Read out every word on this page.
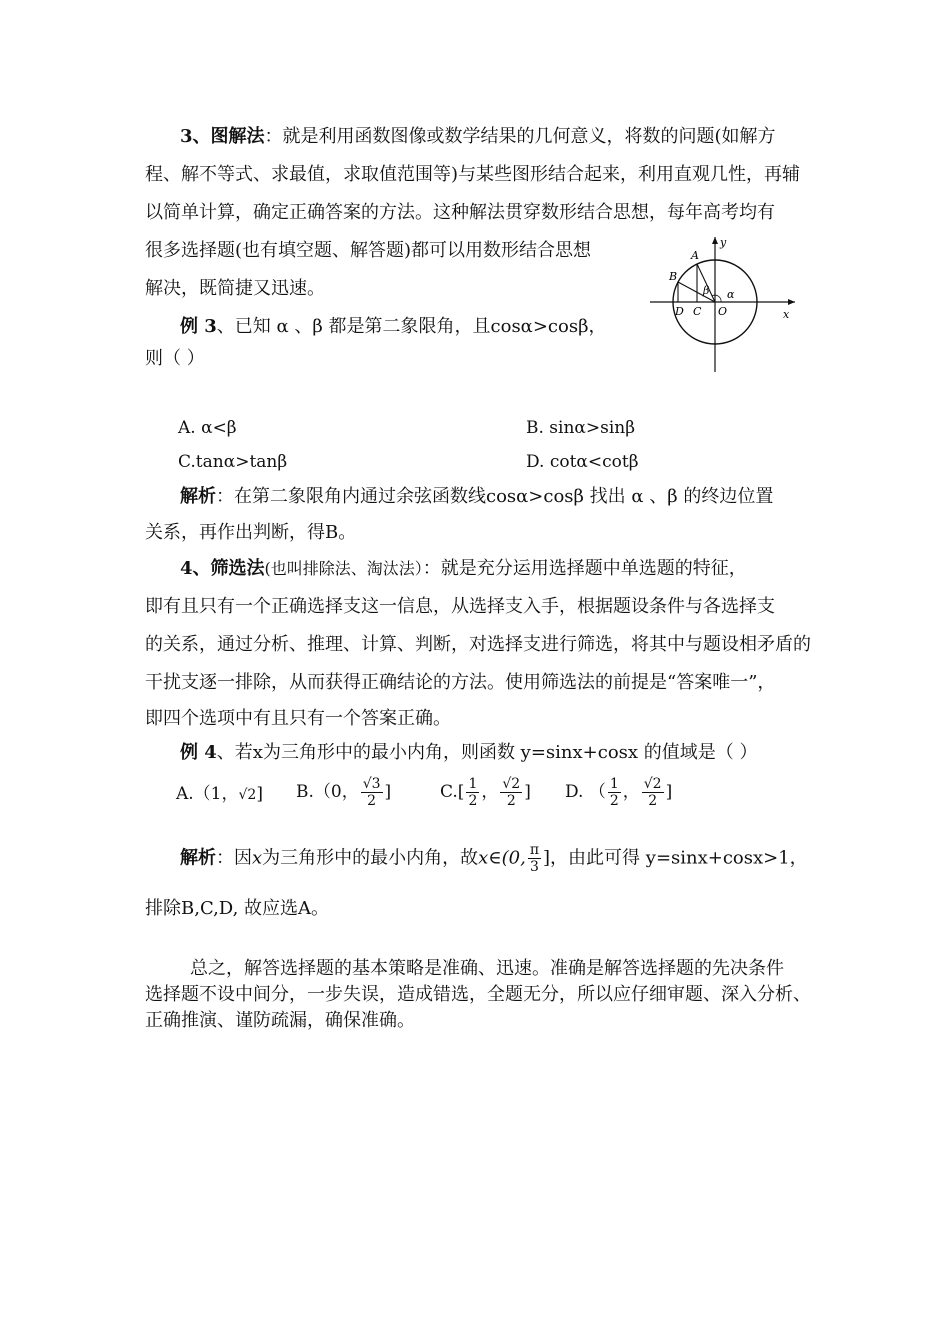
3、图解法：就是利用函数图像或数学结果的几何意义，将数的问题(如解方
程、解不等式、求最值，求取值范围等)与某些图形结合起来，利用直观几性，再辅
以简单计算，确定正确答案的方法。这种解法贯穿数形结合思想，每年高考均有
很多选择题(也有填空题、解答题)都可以用数形结合思想
解决，既简捷又迅速。
A
B
C
D	O	x
y
α
β
例 3、已知 α 、β 都是第二象限角，且cosα>cosβ，
则（ ）
A. α<β	B. sinα>sinβ
C.tanα>tanβ	D. cotα<cotβ
解析：在第二象限角内通过余弦函数线cosα>cosβ 找出 α 、β 的终边位置
关系，再作出判断，得B。
4、筛选法(也叫排除法、淘汰法）：就是充分运用选择题中单选题的特征，
即有且只有一个正确选择支这一信息，从选择支入手，根据题设条件与各选择支
的关系，通过分析、推理、计算、判断，对选择支进行筛选，将其中与题设相矛盾的
干扰支逐一排除，从而获得正确结论的方法。使用筛选法的前提是“答案唯一”，
即四个选项中有且只有一个答案正确。
例 4、若x为三角形中的最小内角，则函数 y=sinx+cosx 的值域是（ ）
A.（1，√2] B.（0， $\frac{√3}{2}$ ]	$C.[ \frac{1}{2}$ ， $\frac{√2}{2}$ ] D. （ $\frac{1}{2}$ ， $\frac{√2}{2}$ ]
解析：因x为三角形中的最小内角，故x∈(0, $\frac{\pi}{3}$ ]，由此可得 y=sinx+cosx>1，
排除B,C,D, 故应选A。
总之，解答选择题的基本策略是准确、迅速。准确是解答选择题的先决条件
选择题不设中间分，一步失误，造成错选，全题无分，所以应仔细审题、深入分析、
正确推演、谨防疏漏，确保准确。
